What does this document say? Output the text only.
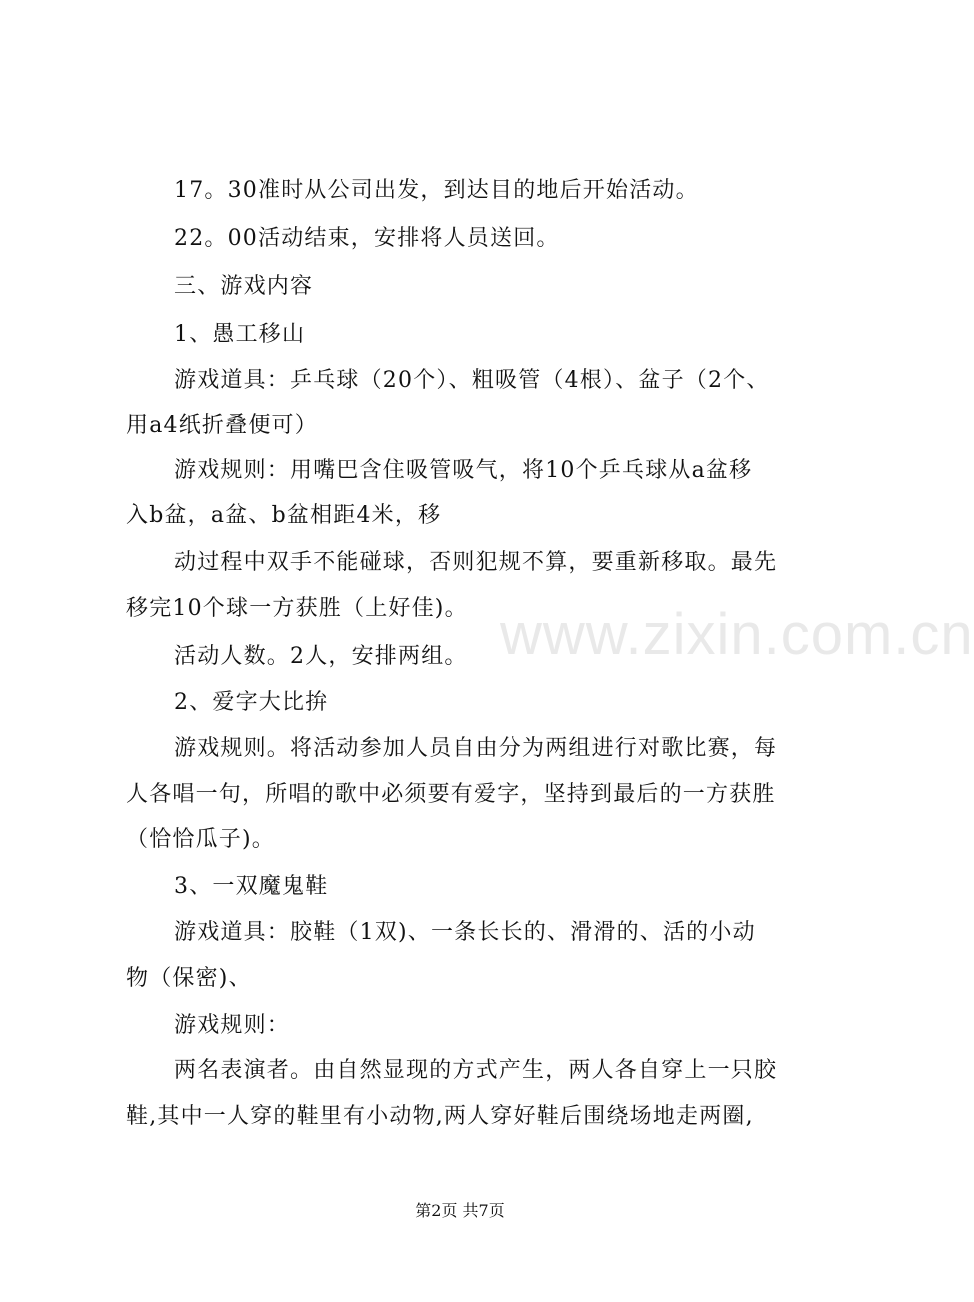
www.zixin.com.cn
17。30准时从公司出发，到达目的地后开始活动。
22。00活动结束，安排将人员送回。
三、游戏内容
1、愚工移山
游戏道具：乒乓球（20个）、粗吸管（4根）、盆子（2个、
用a4纸折叠便可）
游戏规则：用嘴巴含住吸管吸气，将10个乒乓球从a盆移
入b盆，a盆、b盆相距4米，移
动过程中双手不能碰球，否则犯规不算，要重新移取。最先
移完10个球一方获胜（上好佳)。
活动人数。2人，安排两组。
2、爱字大比拚
游戏规则。将活动参加人员自由分为两组进行对歌比赛，每
人各唱一句，所唱的歌中必须要有爱字，坚持到最后的一方获胜
（恰恰瓜子)。
3、一双魔鬼鞋
游戏道具：胶鞋（1双)、一条长长的、滑滑的、活的小动
物（保密)、
游戏规则：
两名表演者。由自然显现的方式产生，两人各自穿上一只胶
鞋,其中一人穿的鞋里有小动物,两人穿好鞋后围绕场地走两圈,
第2页 共7页
